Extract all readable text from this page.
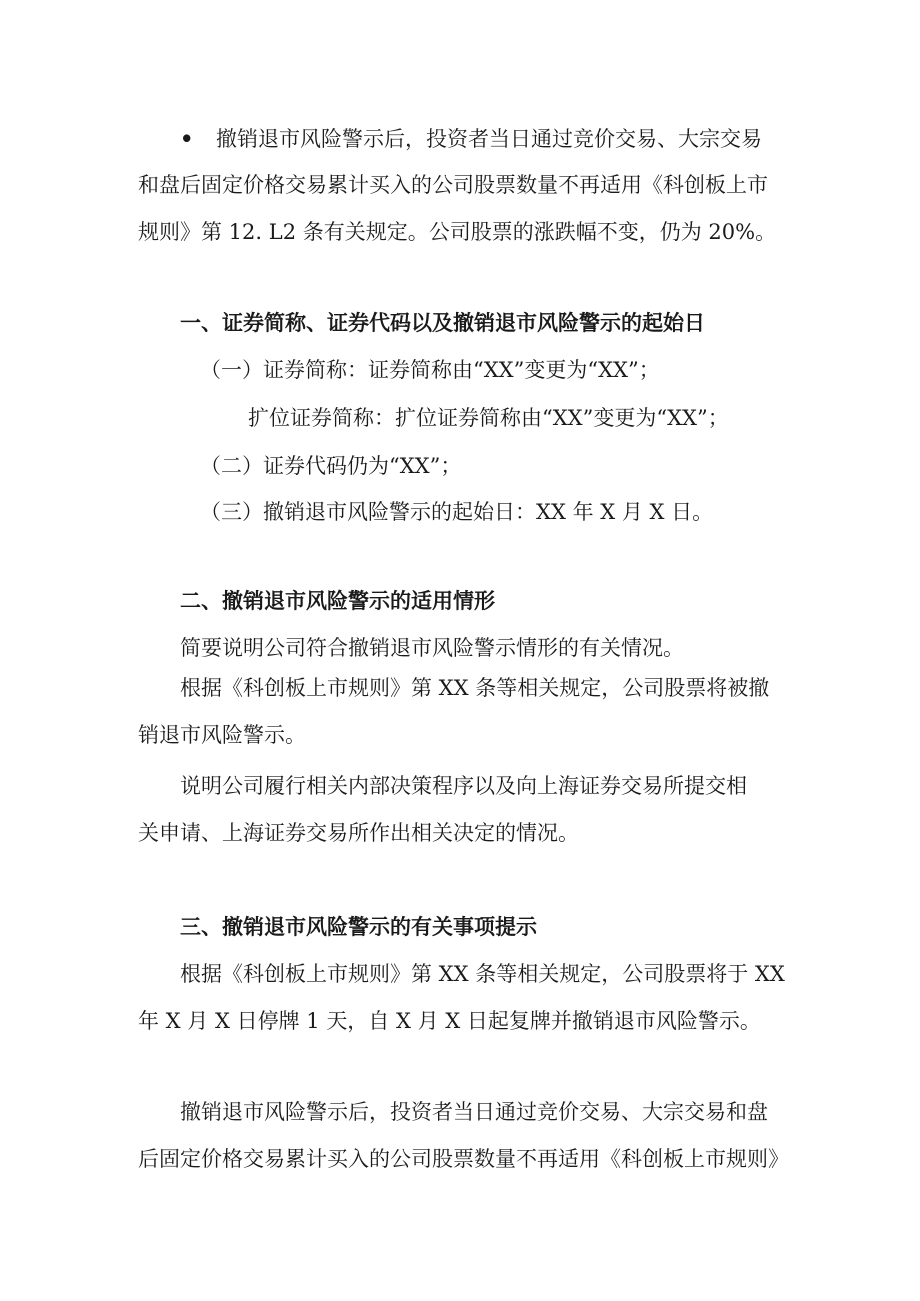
• 撤销退市风险警示后，投资者当日通过竞价交易、大宗交易
和盘后固定价格交易累计买入的公司股票数量不再适用《科创板上市
规则》第 12. L2 条有关规定。公司股票的涨跌幅不变，仍为 20%。
一、证券简称、证券代码以及撤销退市风险警示的起始日
（一）证券简称：证券简称由“XX”变更为“XX”；
扩位证券简称：扩位证券简称由“XX”变更为“XX”；
（二）证券代码仍为“XX”；
（三）撤销退市风险警示的起始日：XX 年 X 月 X 日。
二、撤销退市风险警示的适用情形
简要说明公司符合撤销退市风险警示情形的有关情况。
根据《科创板上市规则》第 XX 条等相关规定，公司股票将被撤
销退市风险警示。
说明公司履行相关内部决策程序以及向上海证券交易所提交相
关申请、上海证券交易所作出相关决定的情况。
三、撤销退市风险警示的有关事项提示
根据《科创板上市规则》第 XX 条等相关规定，公司股票将于 XX
年 X 月 X 日停牌 1 天，自 X 月 X 日起复牌并撤销退市风险警示。
撤销退市风险警示后，投资者当日通过竞价交易、大宗交易和盘
后固定价格交易累计买入的公司股票数量不再适用《科创板上市规则》
